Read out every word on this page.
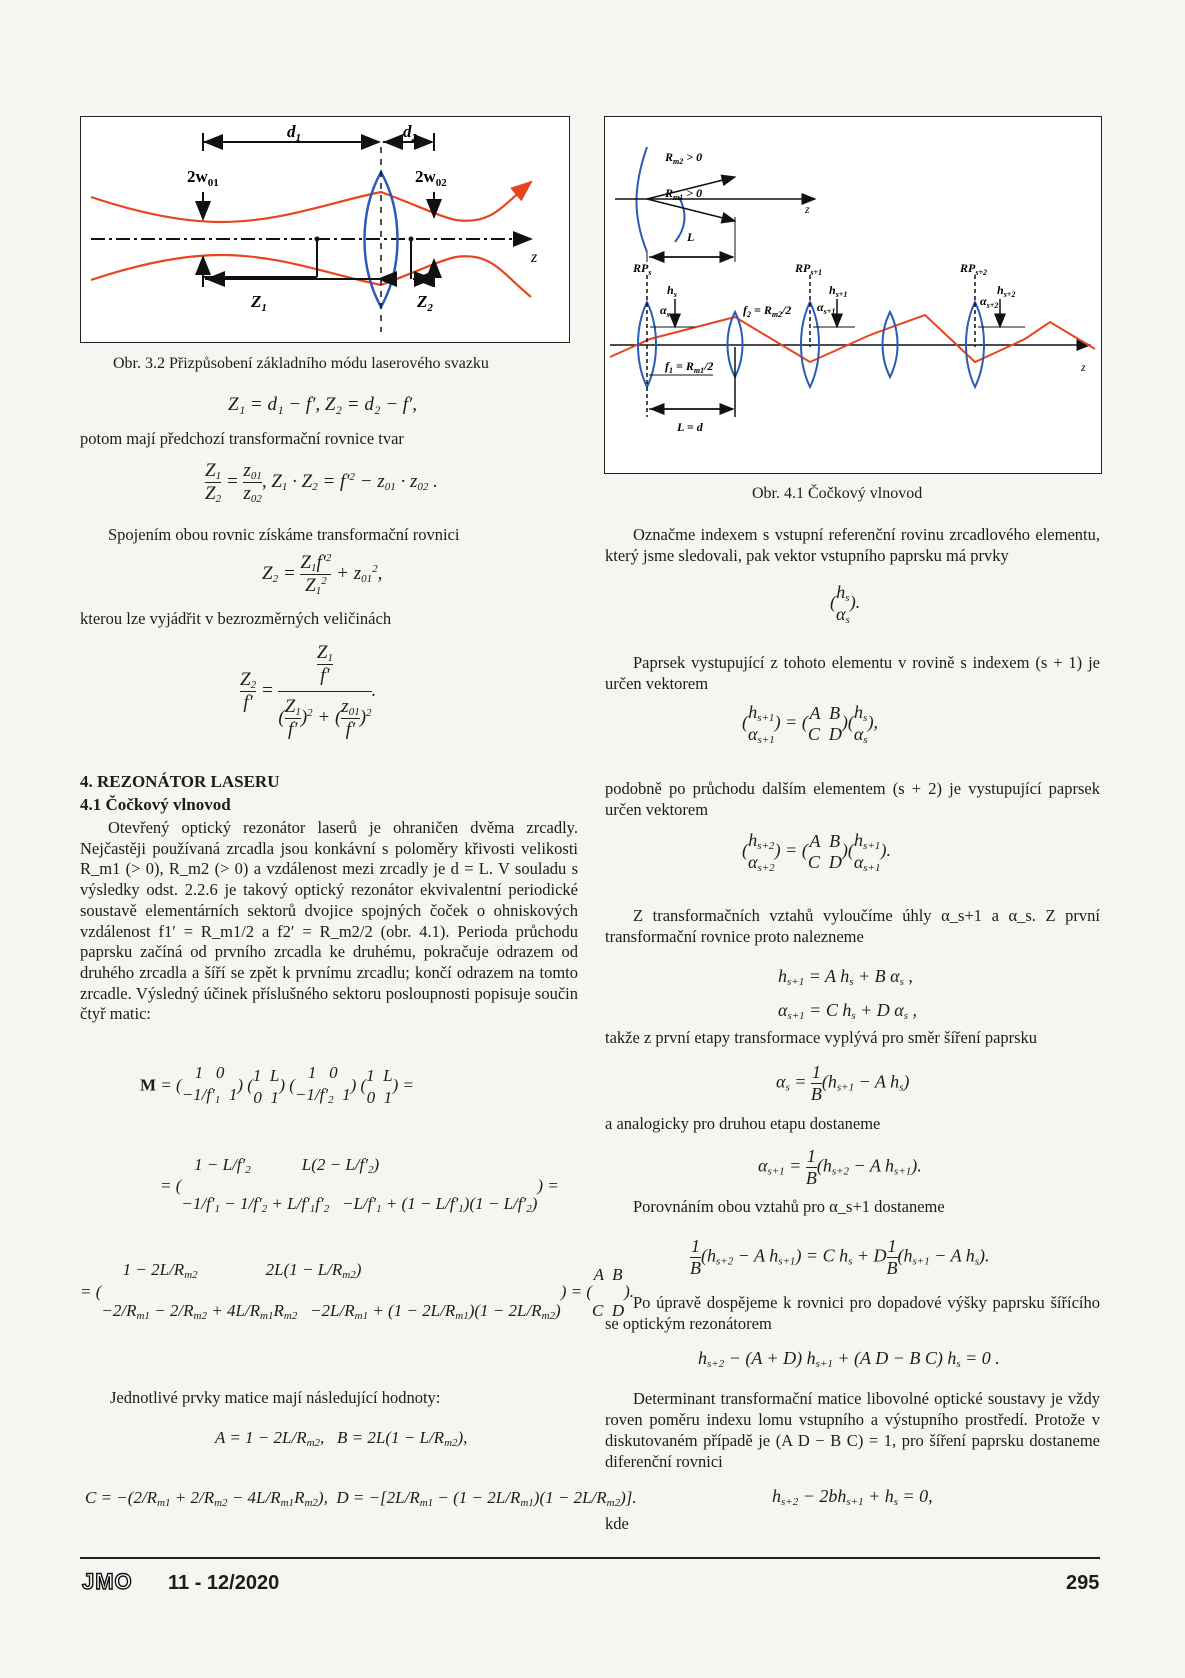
$d_1$	$d_2$
$2w_{01}$	$2w_{02}$
$Z_1$	$Z_2$
z
Obr. 3.2 Přizpůsobení základního módu laserového svazku
Z₁ = d₁ − f′, Z₂ = d₂ − f′,
potom mají předchozí transformační rovnice tvar
$\frac{Z_1}{Z_2} = \frac{z_{01}}{z_{02}}$ , $Z_1 \cdot Z_2 = f'^2 - z_{01} \cdot z_{02}$ .
Spojením obou rovnic získáme transformační rovnici
$Z_2 = \frac{Z_1f'^2}{Z_1^2} + z_{01}^2$,
kterou lze vyjádřit v bezrozměrných veličinách
$\frac{Z_2}{f'} = \frac{\frac{Z_1}{f'}}{( \frac{Z_1}{f'} )^2 + ( \frac{z_{01}}{f'} )^2}$ .
4. REZONÁTOR LASERU
4.1 Čočkový vlnovod
Otevřený optický rezonátor laserů je ohraničen dvěma zrcadly. Nejčastěji používaná zrcadla jsou konkávní s poloměry křivosti velikosti R_m1 (> 0), R_m2 (> 0) a vzdálenost mezi zrcadly je d = L. V souladu s výsledky odst. 2.2.6 je takový optický rezonátor ekvivalentní periodické soustavě elementárních sektorů dvojice spojných čoček o ohniskových vzdálenost f1′ = R_m1/2 a f2′ = R_m2/2 (obr. 4.1). Perioda průchodu paprsku začíná od prvního zrcadla ke druhému, pokračuje odrazem od druhého zrcadla a šíří se zpět k prvnímu zrcadlu; končí odrazem na tomto zrcadle. Výsledný účinek příslušného sektoru posloupnosti popisuje součin čtyř matic:
M = (
1   0
$-1/f'_1$  1
) (
1  L
0  1
) (
1   0
$-1/f'_2$  1
) (
1  L
0  1
) =
= (
$1 - L/f'_2$            $L(2 - L/f'_2)$
$-1/f'_1 - 1/f'_2 + L/f'_1f'_2 -L/f'_1 + (1 - L/f'_1)(1 - L/f'_2)$
) =
= (
$1 - 2L/R_{m2}$                $2L(1 - L/R_{m2})$
$-2/R_{m1} - 2/R_{m2} + 4L/R_{m1}R_{m2} -2L/R_{m1} + (1 - 2L/R_{m1})(1 - 2L/R_{m2})$
) = (
A  B
C  D
).
Jednotlivé prvky matice mají následující hodnoty:
$A = 1 - 2L/R_{m2}$,   $B = 2L(1 - L/R_{m2})$,
$C = -(2/R_{m1} + 2/R_{m2} - 4L/R_{m1}R_{m2})$,  $D = -[2L/R_{m1} - (1 - 2L/R_{m1})(1 - 2L/R_{m2})]$.
$R_{m2} > 0$
$R_{m1} > 0$
L
z
$RP_s$	$RP_{s+1}$	$RP_{s+2}$
$h_s$	$h_{s+1}$	$h_{s+2}$
$\alpha_s$
$\alpha_{s+1}$
$\alpha_{s+2}$
$f_2 = R_{m2}/2$
$f_1 = R_{m1}/2$
L = d
z
Obr. 4.1 Čočkový vlnovod
Označme indexem s vstupní referenční rovinu zrcadlového elementu, který jsme sledovali, pak vektor vstupního paprsku má prvky
(
$h_s$
$\alpha_s$
).
Paprsek vystupující z tohoto elementu v rovině s indexem (s + 1) je určen vektorem
(
$h_{s+1}$
$\alpha_{s+1}$
) = ( A  B
C  D
)(
$h_s$
$\alpha_s$
),
podobně po průchodu dalším elementem (s + 2) je vystupující paprsek určen vektorem
(
$h_{s+2}$
$\alpha_{s+2}$
) = ( A  B
C  D
)(
$h_{s+1}$
$\alpha_{s+1}$
).
Z transformačních vztahů vyloučíme úhly α_s+1 a α_s. Z první transformační rovnice proto nalezneme
$h_{s+1} = A$ $h_s + B$ $\alpha_s$ ,
$\alpha_{s+1} = C$ $h_s + D$ $\alpha_s$ ,
takže z první etapy transformace vyplývá pro směr šíření paprsku
$\alpha_s = \frac{1}{B} (h_{s+1} - A$ $h_s$)
a analogicky pro druhou etapu dostaneme
$\alpha_{s+1} = \frac{1}{B} (h_{s+2} - A$ $h_{s+1}$).
Porovnáním obou vztahů pro α_s+1 dostaneme
$\frac{1}{B} (h_{s+2} - A$ $h_{s+1}) = C$ $h_s + D \frac{1}{B} (h_{s+1} - A$ $h_s$).
Po úpravě dospějeme k rovnici pro dopadové výšky paprsku šířícího se optickým rezonátorem
$h_{s+2} - (A + D) h_{s+1} + (A$ D − B C) $h_s = 0$ .
Determinant transformační matice libovolné optické soustavy je vždy roven poměru indexu lomu vstupního a výstupního prostředí. Protože v diskutovaném případě je (A D − B C) = 1, pro šíření paprsku dostaneme diferenční rovnici
$h_{s+2} - 2bh_{s+1} + h_s = 0$,
kde
JMO 11 - 12/2020	295
